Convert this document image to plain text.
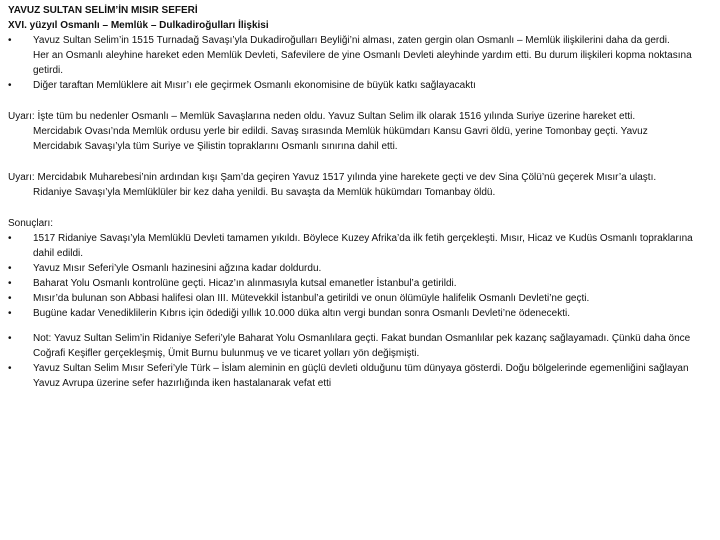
YAVUZ SULTAN SELİM’İN MISIR SEFERİ
XVI. yüzyıl Osmanlı – Memlük – Dulkadiroğulları İlişkisi
• Yavuz Sultan Selim’in 1515 Turnadağ Savaşı’yla Dukadiroğulları Beyliği’ni alması, zaten gergin olan Osmanlı – Memlük ilişkilerini daha da gerdi.
Her an Osmanlı aleyhine hareket eden Memlük Devleti, Safevilere de yine Osmanlı Devleti aleyhinde yardım etti. Bu durum ilişkileri kopma noktasına getirdi.
• Diğer taraftan Memlüklere ait Mısır’ı ele geçirmek Osmanlı ekonomisine de büyük katkı sağlayacaktı
Uyarı: İşte tüm bu nedenler Osmanlı – Memlük Savaşlarına neden oldu. Yavuz Sultan Selim ilk olarak 1516 yılında Suriye üzerine hareket etti.
Mercidabık Ovası’nda Memlük ordusu yerle bir edildi. Savaş sırasında Memlük hükümdarı Kansu Gavri öldü, yerine Tomonbay geçti. Yavuz
Mercidabık Savaşı’yla tüm Suriye ve Şilistin topraklarını Osmanlı sınırına dahil etti.
Uyarı: Mercidabık Muharebesi’nin ardından kışı Şam’da geçiren Yavuz 1517 yılında yine harekete geçti ve dev Sina Çölü’nü geçerek Mısır’a ulaştı.
Ridaniye Savaşı’yla Memlüklüler bir kez daha yenildi. Bu savaşta da Memlük hükümdarı Tomanbay öldü.
Sonuçları:
• 1517 Ridaniye Savaşı’yla Memlüklü Devleti tamamen yıkıldı. Böylece Kuzey Afrika’da ilk fetih gerçekleşti. Mısır, Hicaz ve Kudüs Osmanlı topraklarına dahil edildi.
• Yavuz Mısır Seferi’yle Osmanlı hazinesini ağzına kadar doldurdu.
• Baharat Yolu Osmanlı kontrolüne geçti. Hicaz’ın alınmasıyla kutsal emanetler İstanbul’a getirildi.
• Mısır’da bulunan son Abbasi halifesi olan III. Mütevekkil İstanbul’a getirildi ve onun ölümüyle halifelik Osmanlı Devleti’ne geçti.
• Bugüne kadar Venediklilerin Kıbrıs için ödediği yıllık 10.000 düka altın vergi bundan sonra Osmanlı Devleti’ne ödenecekti.
• Not: Yavuz Sultan Selim’in Ridaniye Seferi’yle Baharat Yolu Osmanlılara geçti. Fakat bundan Osmanlılar pek kazanç sağlayamadı. Çünkü daha önce Coğrafi Keşifler gerçekleşmiş, Ümit Burnu bulunmuş ve ve ticaret yolları yön değişmişti.
• Yavuz Sultan Selim Mısır Seferi’yle Türk – İslam aleminin en güçlü devleti olduğunu tüm dünyaya gösterdi. Doğu bölgelerinde egemenliğini sağlayan Yavuz Avrupa üzerine sefer hazırlığında iken hastalanarak vefat etti
